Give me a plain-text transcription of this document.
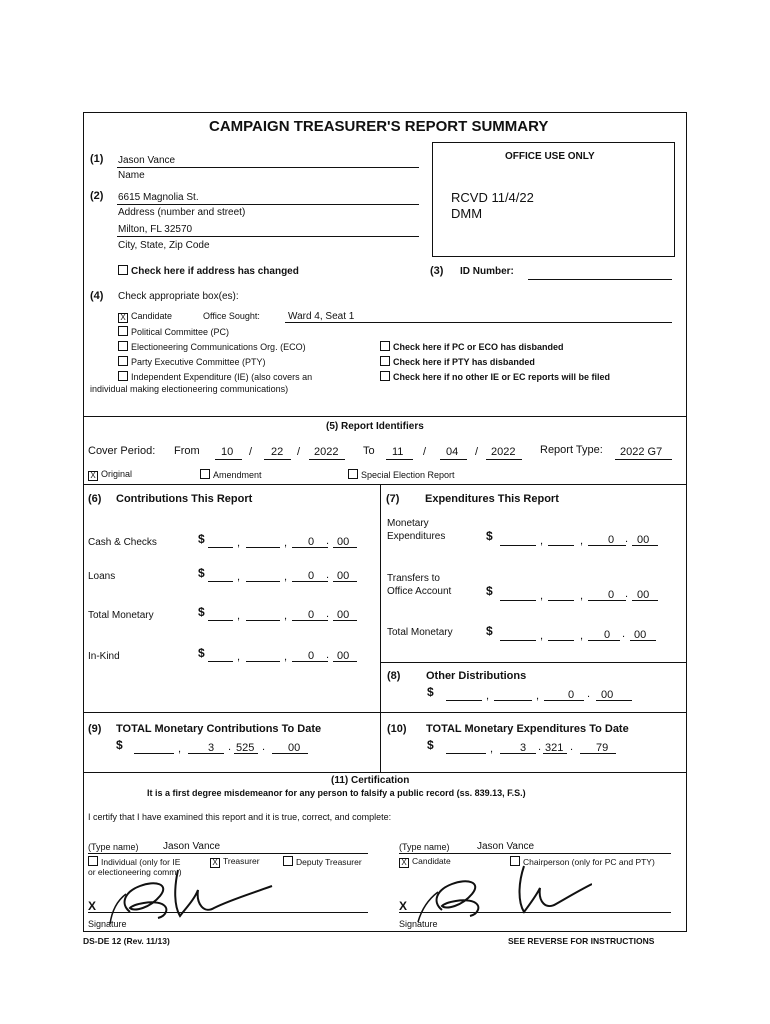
CAMPAIGN TREASURER'S REPORT SUMMARY
(1) Jason Vance
Name
(2) 6615 Magnolia St.
Address (number and street)
Milton, FL 32570
City, State, Zip Code
Check here if address has changed
OFFICE USE ONLY
RCVD 11/4/22
DMM
(3) ID Number:
(4) Check appropriate box(es):
X Candidate	Office Sought:	Ward 4, Seat 1
Political Committee (PC)
Electioneering Communications Org. (ECO)
Party Executive Committee (PTY)
Independent Expenditure (IE) (also covers an
individual making electioneering communications)
Check here if PC or ECO has disbanded
Check here if PTY has disbanded
Check here if no other IE or EC reports will be filed
(5) Report Identifiers
Cover Period: From 10 / 22 / 2022 To 11 / 04 / 2022 Report Type: 2022 G7
X Original	Amendment	Special Election Report
(6) Contributions This Report
Cash & Checks	$	,	, 0 . 00
Loans	$	,	, 0 . 00
Total Monetary	$	,	, 0 . 00
In-Kind	$	,	, 0 . 00
(7) Expenditures This Report
Monetary
Expenditures	$	,	, 0 . 00
Transfers to
Office Account	$	,	, 0 . 00
Total Monetary	$	,	, 0 . 00
(8) Other Distributions
$	,	,	0 . 00
(9) TOTAL Monetary Contributions To Date
$	, 3 . 525 . 00
(10) TOTAL Monetary Expenditures To Date
$	, 3 . 321 . 79
(11) Certification
It is a first degree misdemeanor for any person to falsify a public record (ss. 839.13, F.S.)
I certify that I have examined this report and it is true, correct, and complete:
(Type name) Jason Vance
Individual (only for IE
or electioneering comm.)
X Treasurer	Deputy Treasurer
X
Signature
(Type name)	Jason Vance
X Candidate	Chairperson (only for PC and PTY)
X
Signature
DS-DE 12 (Rev. 11/13)	SEE REVERSE FOR INSTRUCTIONS
